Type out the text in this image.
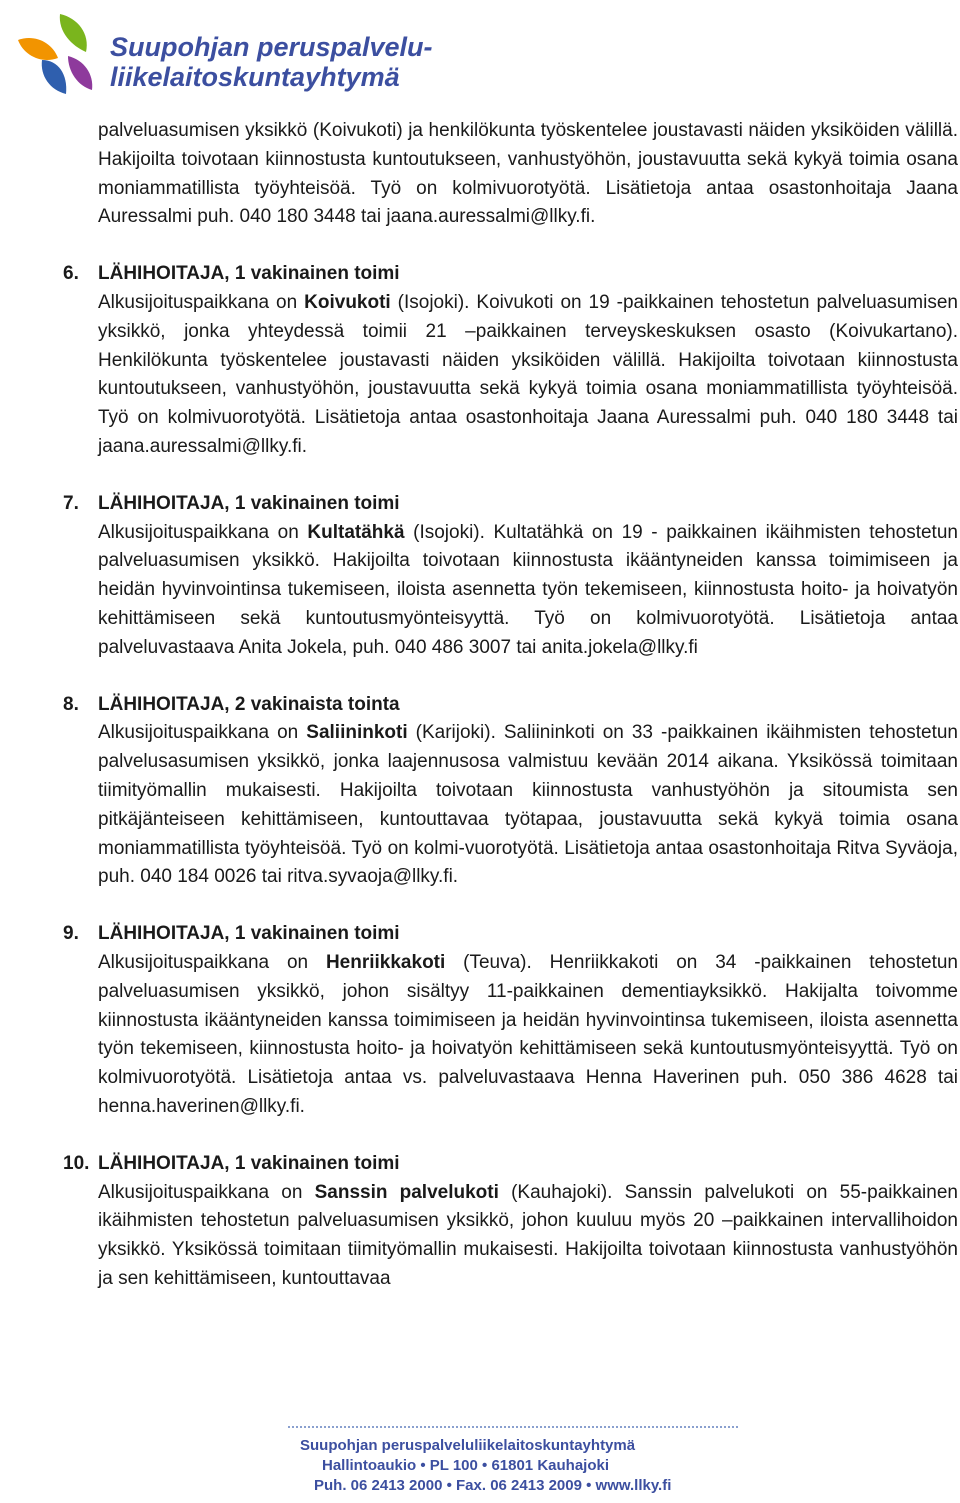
Suupohjan peruspalvelu-
liikelaitoskuntayhtymä
palveluasumisen yksikkö (Koivukoti) ja henkilökunta työskentelee joustavasti näiden yksiköiden välillä. Hakijoilta toivotaan kiinnostusta kuntoutukseen, vanhustyöhön, joustavuutta sekä kykyä toimia osana moniammatillista työyhteisöä. Työ on kolmivuorotyötä. Lisätietoja antaa osastonhoitaja Jaana Auressalmi puh. 040 180 3448 tai jaana.auressalmi@llky.fi.
6. LÄHIHOITAJA, 1 vakinainen toimi
Alkusijoituspaikkana on Koivukoti (Isojoki). Koivukoti on 19 -paikkainen tehostetun palveluasumisen yksikkö, jonka yhteydessä toimii 21 –paikkainen terveyskeskuksen osasto (Koivukartano). Henkilökunta työskentelee joustavasti näiden yksiköiden välillä. Hakijoilta toivotaan kiinnostusta kuntoutukseen, vanhustyöhön, joustavuutta sekä kykyä toimia osana moniammatillista työyhteisöä. Työ on kolmivuorotyötä. Lisätietoja antaa osastonhoitaja Jaana Auressalmi puh. 040 180 3448 tai jaana.auressalmi@llky.fi.
7. LÄHIHOITAJA, 1 vakinainen toimi
Alkusijoituspaikkana on Kultatähkä (Isojoki). Kultatähkä on 19 - paikkainen ikäihmisten tehostetun palveluasumisen yksikkö. Hakijoilta toivotaan kiinnostusta ikääntyneiden kanssa toimimiseen ja heidän hyvinvointinsa tukemiseen, iloista asennetta työn tekemiseen, kiinnostusta hoito- ja hoivatyön kehittämiseen sekä kuntoutusmyönteisyyttä. Työ on kolmivuorotyötä. Lisätietoja antaa palveluvastaava Anita Jokela, puh. 040 486 3007 tai anita.jokela@llky.fi
8. LÄHIHOITAJA, 2 vakinaista tointa
Alkusijoituspaikkana on Saliininkoti (Karijoki). Saliininkoti on 33 -paikkainen ikäihmisten tehostetun palvelusasumisen yksikkö, jonka laajennusosa valmistuu kevään 2014 aikana. Yksikössä toimitaan tiimityömallin mukaisesti. Hakijoilta toivotaan kiinnostusta vanhustyöhön ja sitoumista sen pitkäjänteiseen kehittämiseen, kuntouttavaa työtapaa, joustavuutta sekä kykyä toimia osana moniammatillista työyhteisöä. Työ on kolmi-vuorotyötä. Lisätietoja antaa osastonhoitaja Ritva Syväoja, puh. 040 184 0026 tai ritva.syvaoja@llky.fi.
9. LÄHIHOITAJA, 1 vakinainen toimi
Alkusijoituspaikkana on Henriikkakoti (Teuva). Henriikkakoti on 34 -paikkainen tehostetun palveluasumisen yksikkö, johon sisältyy 11-paikkainen dementiayksikkö. Hakijalta toivomme kiinnostusta ikääntyneiden kanssa toimimiseen ja heidän hyvinvointinsa tukemiseen, iloista asennetta työn tekemiseen, kiinnostusta hoito- ja hoivatyön kehittämiseen sekä kuntoutusmyönteisyyttä. Työ on kolmivuorotyötä. Lisätietoja antaa vs. palveluvastaava Henna Haverinen puh. 050 386 4628 tai henna.haverinen@llky.fi.
10. LÄHIHOITAJA, 1 vakinainen toimi
Alkusijoituspaikkana on Sanssin palvelukoti (Kauhajoki). Sanssin palvelukoti on 55-paikkainen ikäihmisten tehostetun palveluasumisen yksikkö, johon kuuluu myös 20 –paikkainen intervallihoidon yksikkö. Yksikössä toimitaan tiimityömallin mukaisesti. Hakijoilta toivotaan kiinnostusta vanhustyöhön ja sen kehittämiseen, kuntouttavaa
Suupohjan peruspalveluliikelaitoskuntayhtymä
Hallintoaukio • PL 100 • 61801 Kauhajoki
Puh. 06 2413 2000 • Fax. 06 2413 2009 • www.llky.fi
